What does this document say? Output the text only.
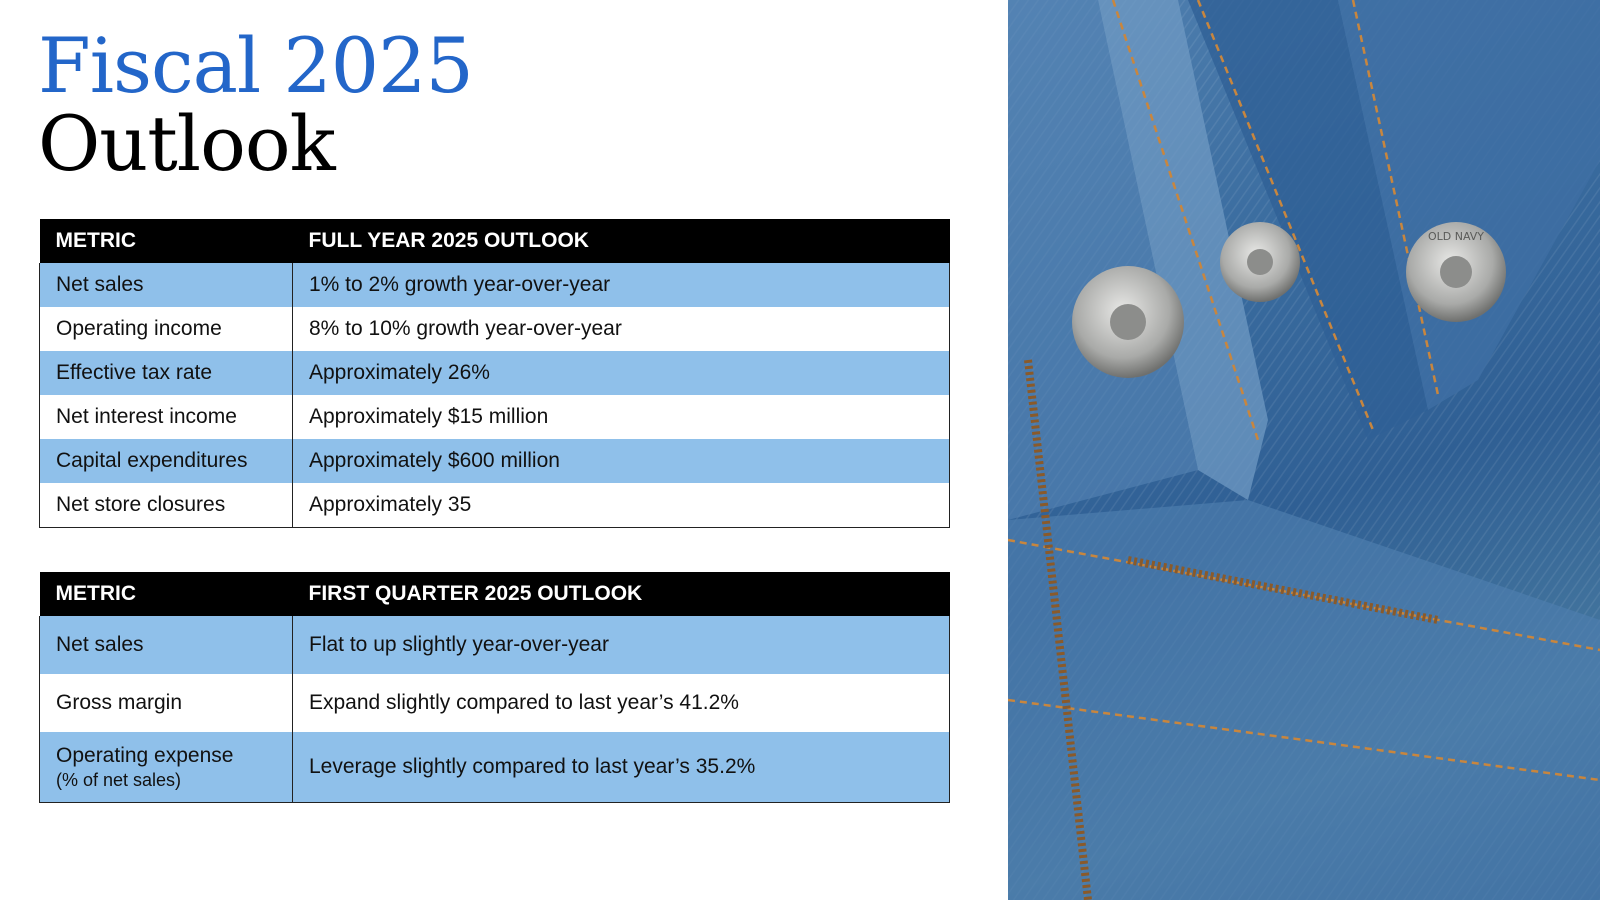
Fiscal 2025
Outlook
METRIC	FULL YEAR 2025 OUTLOOK
Net sales	1% to 2% growth year-over-year
Operating income	8% to 10% growth year-over-year
Effective tax rate	Approximately 26%
Net interest income	Approximately $15 million
Capital expenditures	Approximately $600 million
Net store closures	Approximately 35
METRIC	FIRST QUARTER 2025 OUTLOOK
Net sales	Flat to up slightly year-over-year
Gross margin	Expand slightly compared to last year’s 41.2%
Operating expense
(% of net sales)	Leverage slightly compared to last year’s 35.2%
OLD NAVY
